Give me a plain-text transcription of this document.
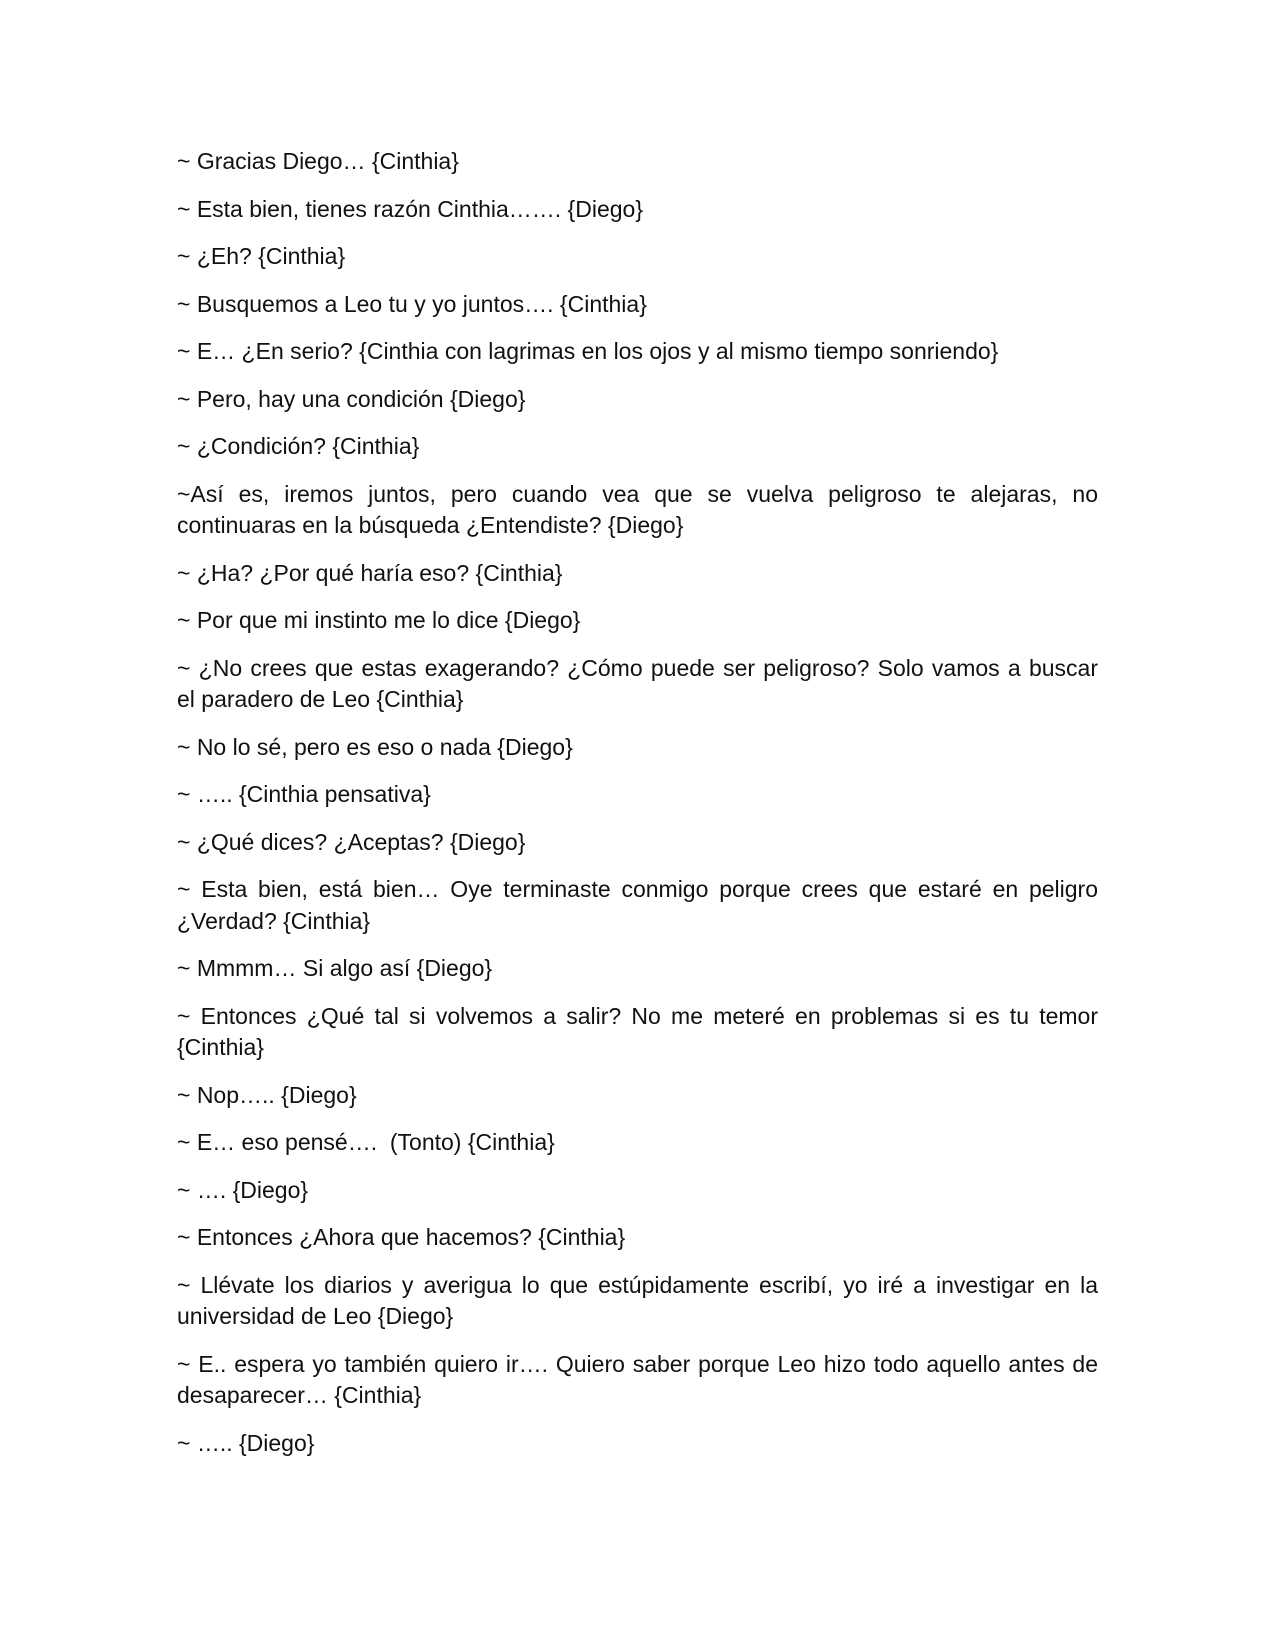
~ Gracias Diego… {Cinthia}

~ Esta bien, tienes razón Cinthia……. {Diego}

~ ¿Eh? {Cinthia}

~ Busquemos a Leo tu y yo juntos…. {Cinthia}

~ E… ¿En serio? {Cinthia con lagrimas en los ojos y al mismo tiempo sonriendo}

~ Pero, hay una condición {Diego}

~ ¿Condición? {Cinthia}

~Así es, iremos juntos, pero cuando vea que se vuelva peligroso te alejaras, no continuaras en la búsqueda ¿Entendiste? {Diego}

~ ¿Ha? ¿Por qué haría eso? {Cinthia}

~ Por que mi instinto me lo dice {Diego}

~ ¿No crees que estas exagerando? ¿Cómo puede ser peligroso? Solo vamos a buscar el paradero de Leo {Cinthia}

~ No lo sé, pero es eso o nada {Diego}

~ ….. {Cinthia pensativa}

~ ¿Qué dices? ¿Aceptas? {Diego}

~ Esta bien, está bien… Oye terminaste conmigo porque crees que estaré en peligro ¿Verdad? {Cinthia}

~ Mmmm… Si algo así {Diego}

~ Entonces ¿Qué tal si volvemos a salir? No me meteré en problemas si es tu temor {Cinthia}

~ Nop….. {Diego}

~ E… eso pensé….  (Tonto) {Cinthia}

~ …. {Diego}

~ Entonces ¿Ahora que hacemos? {Cinthia}

~ Llévate los diarios y averigua lo que estúpidamente escribí, yo iré a investigar en la universidad de Leo {Diego}

~ E.. espera yo también quiero ir…. Quiero saber porque Leo hizo todo aquello antes de desaparecer… {Cinthia}

~ ….. {Diego}
